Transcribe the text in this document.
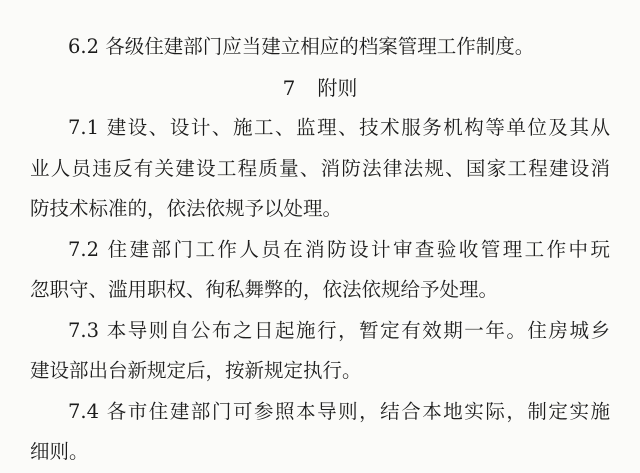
6.2 各级住建部门应当建立相应的档案管理工作制度。
7 附则
7.1 建设、设计、施工、监理、技术服务机构等单位及其从
业人员违反有关建设工程质量、消防法律法规、国家工程建设消
防技术标准的，依法依规予以处理。
7.2 住建部门工作人员在消防设计审查验收管理工作中玩
忽职守、滥用职权、徇私舞弊的，依法依规给予处理。
7.3 本导则自公布之日起施行，暂定有效期一年。住房城乡
建设部出台新规定后，按新规定执行。
7.4 各市住建部门可参照本导则，结合本地实际，制定实施
细则。
